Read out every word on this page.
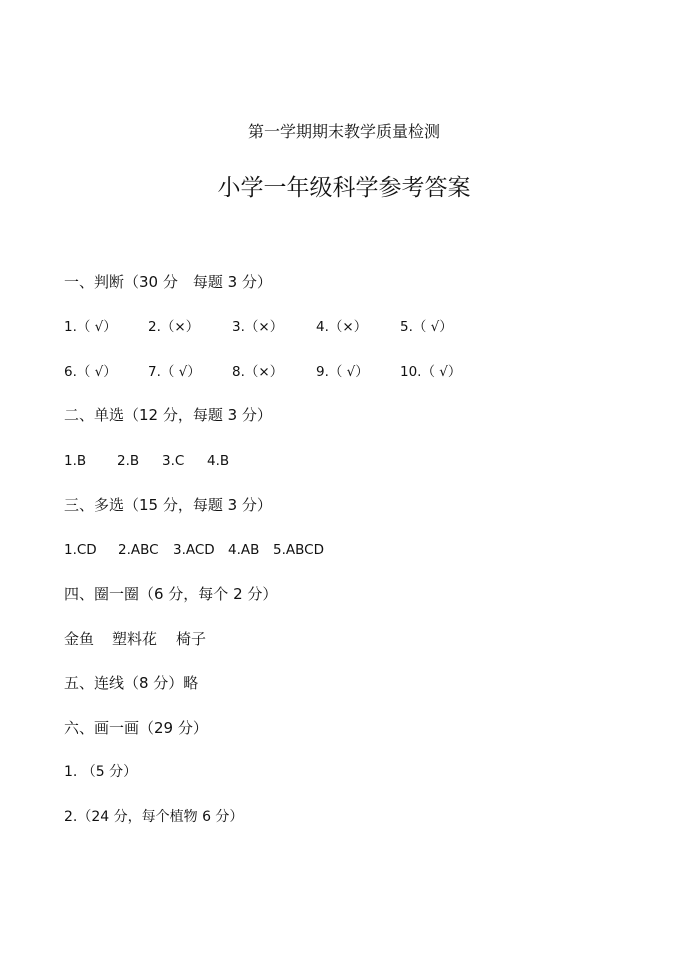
第一学期期末教学质量检测
小学一年级科学参考答案
一、判断（30 分　每题 3 分）
1.（ √） 2.（×） 3.（×） 4.（×） 5.（ √）
6.（ √） 7.（ √） 8.（×） 9.（ √） 10.（ √）
二、单选（12 分，每题 3 分）
1.B 2.B 3.C 4.B
三、多选（15 分，每题 3 分）
1.CD 2.ABC 3.ACD 4.AB 5.ABCD
四、圈一圈（6 分，每个 2 分）
金鱼 塑料花 椅子
五、连线（8 分）略
六、画一画（29 分）
1. （5 分）
2.（24 分，每个植物 6 分）
